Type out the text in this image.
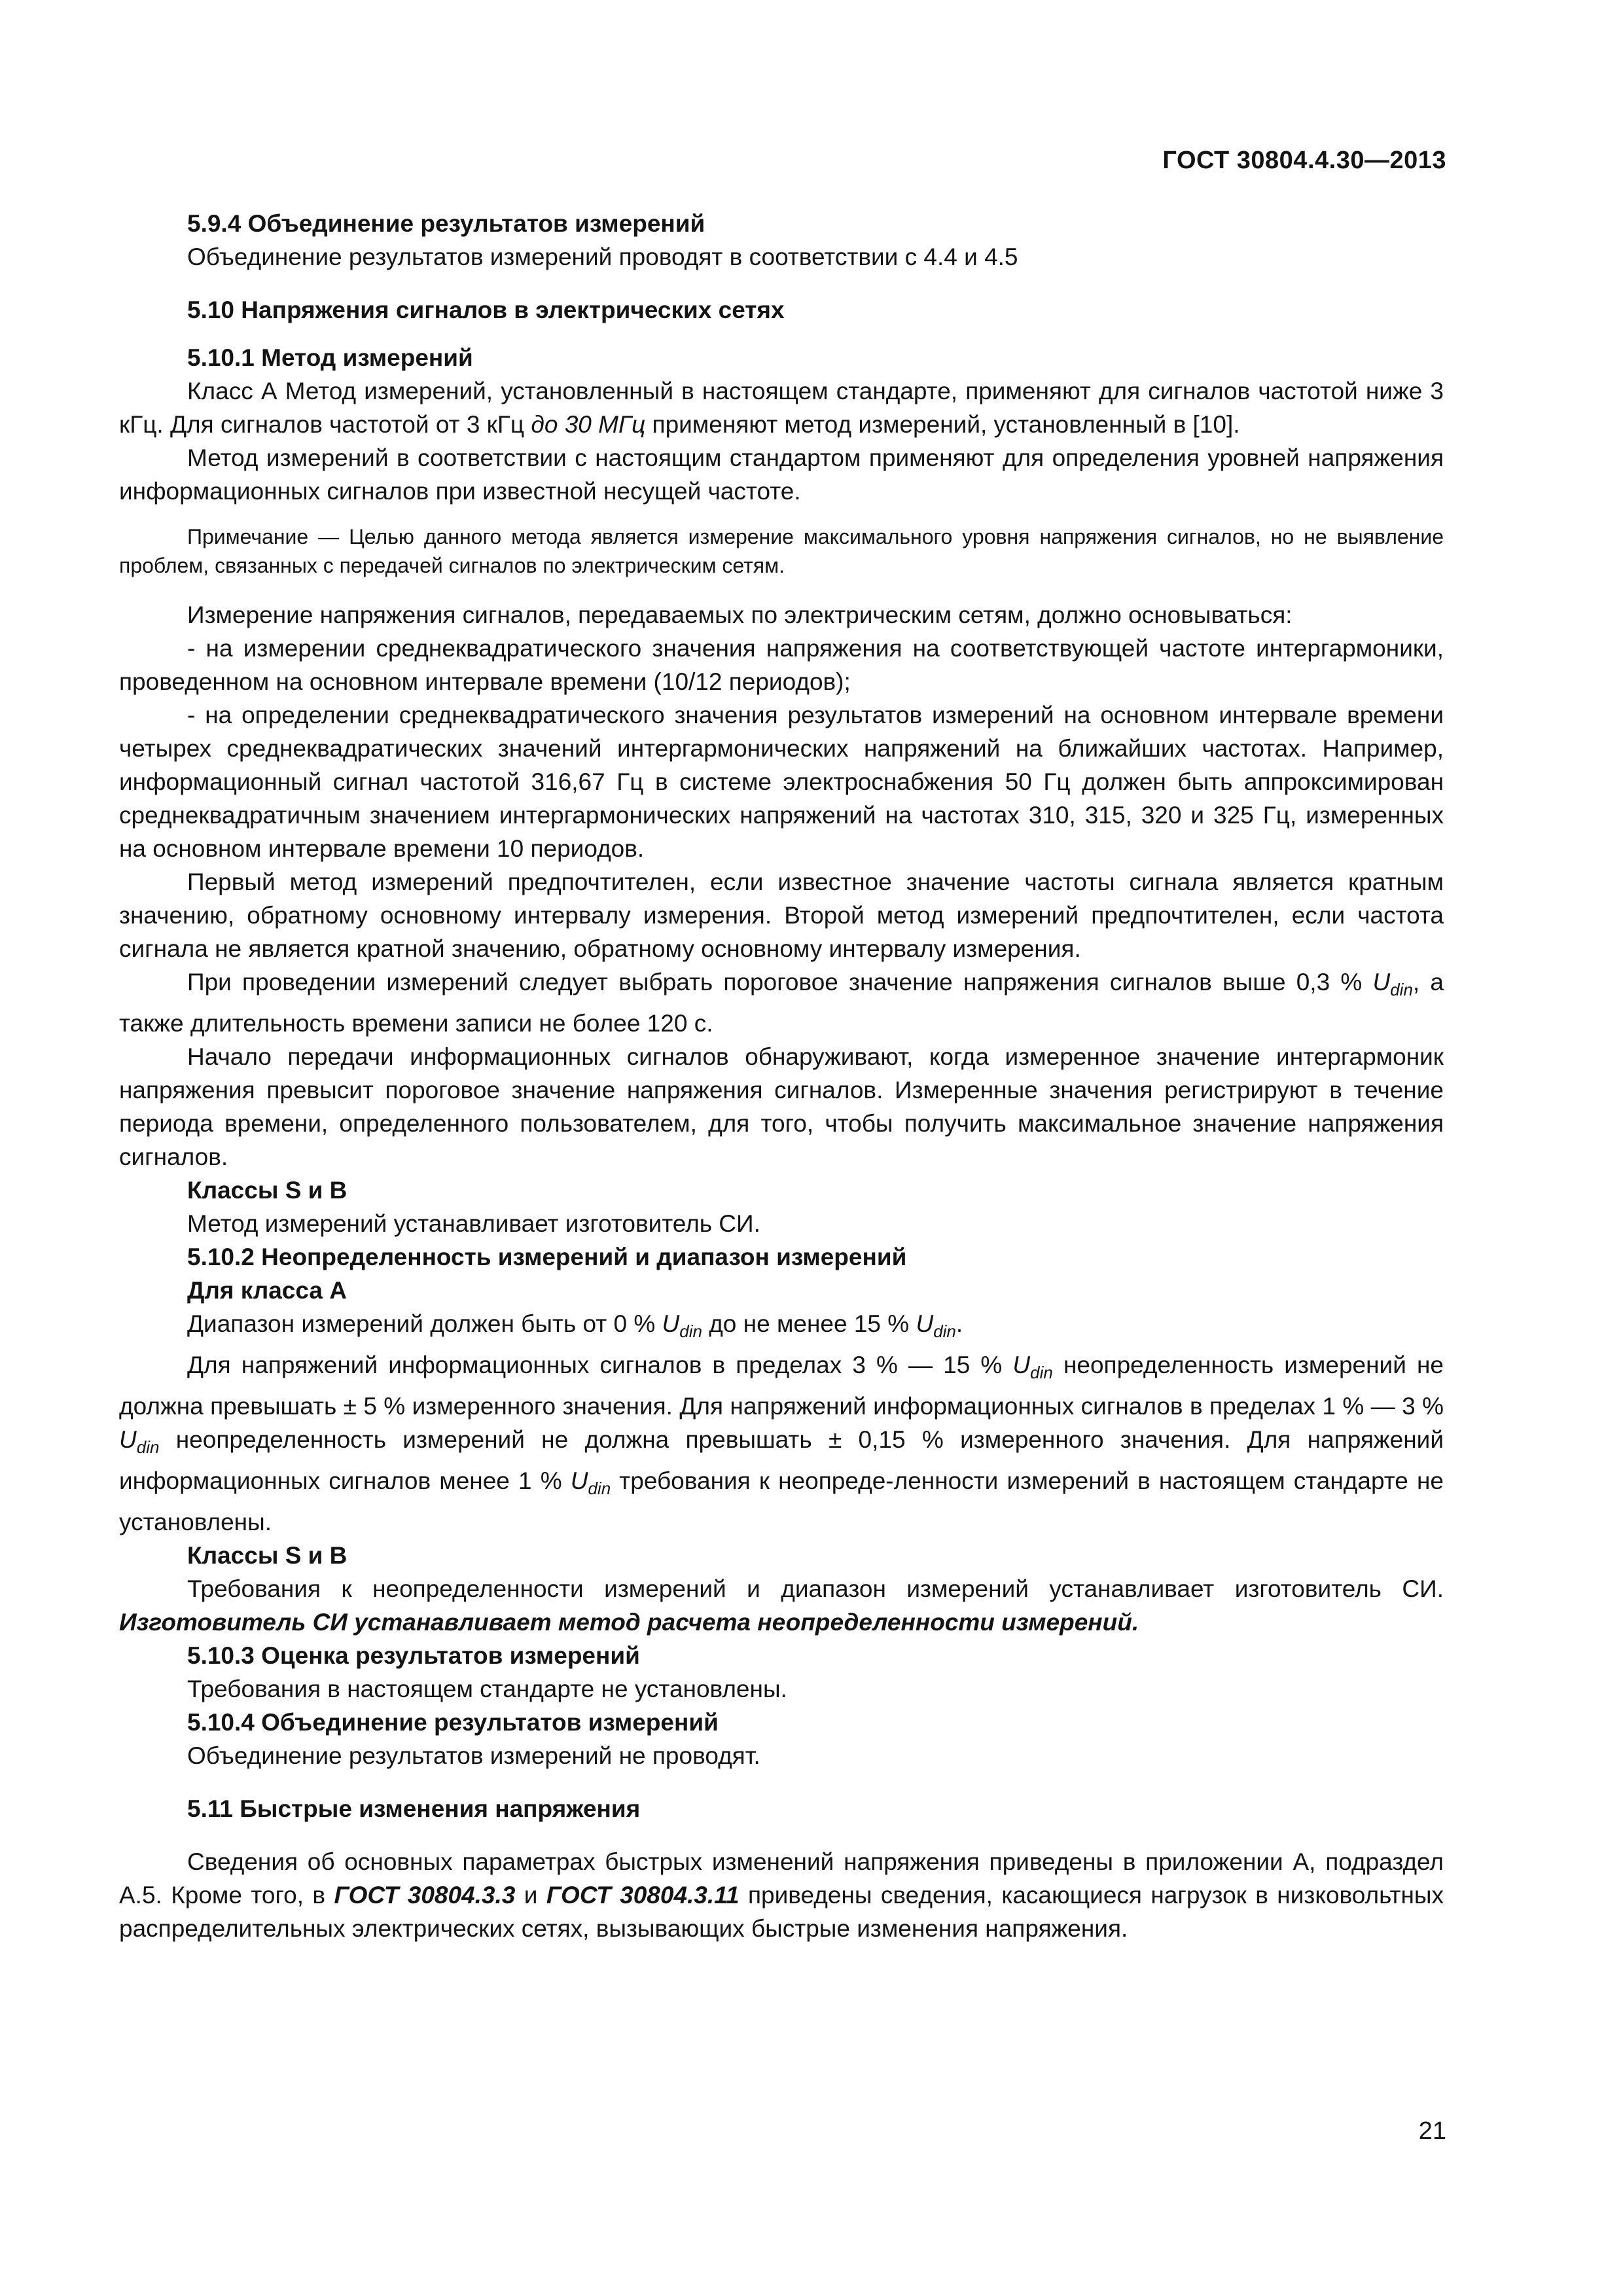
ГОСТ 30804.4.30—2013

5.9.4 Объединение результатов измерений

Объединение результатов измерений проводят в соответствии с 4.4 и 4.5

5.10 Напряжения сигналов в электрических сетях

5.10.1 Метод измерений

Класс А Метод измерений, установленный в настоящем стандарте, применяют для сигналов частотой ниже 3 кГц. Для сигналов частотой от 3 кГц до 30 МГц применяют метод измерений, установленный в [10].

Метод измерений в соответствии с настоящим стандартом применяют для определения уровней напряжения информационных сигналов при известной несущей частоте.

Примечание — Целью данного метода является измерение максимального уровня напряжения сигналов, но не выявление проблем, связанных с передачей сигналов по электрическим сетям.

Измерение напряжения сигналов, передаваемых по электрическим сетям, должно основываться:

- на измерении среднеквадратического значения напряжения на соответствующей частоте интергармоники, проведенном на основном интервале времени (10/12 периодов);

- на определении среднеквадратического значения результатов измерений на основном интервале времени четырех среднеквадратических значений интергармонических напряжений на ближайших частотах. Например, информационный сигнал частотой 316,67 Гц в системе электроснабжения 50 Гц должен быть аппроксимирован среднеквадратичным значением интергармонических напряжений на частотах 310, 315, 320 и 325 Гц, измеренных на основном интервале времени 10 периодов.

Первый метод измерений предпочтителен, если известное значение частоты сигнала является кратным значению, обратному основному интервалу измерения. Второй метод измерений предпочтителен, если частота сигнала не является кратной значению, обратному основному интервалу измерения.

При проведении измерений следует выбрать пороговое значение напряжения сигналов выше 0,3 % $U_{din}$, а также длительность времени записи не более 120 с.

Начало передачи информационных сигналов обнаруживают, когда измеренное значение интергармоник напряжения превысит пороговое значение напряжения сигналов. Измеренные значения регистрируют в течение периода времени, определенного пользователем, для того, чтобы получить максимальное значение напряжения сигналов.

Классы S и В

Метод измерений устанавливает изготовитель СИ.

5.10.2 Неопределенность измерений и диапазон измерений

Для класса А

Диапазон измерений должен быть от 0 % $U_{din}$ до не менее 15 % $U_{din}$.

Для напряжений информационных сигналов в пределах 3 % — 15 % $U_{din}$ неопределенность измерений не должна превышать ± 5 % измеренного значения. Для напряжений информационных сигналов в пределах 1 % — 3 % $U_{din}$ неопределенность измерений не должна превышать ± 0,15 % измеренного значения. Для напряжений информационных сигналов менее 1 % $U_{din}$ требования к неопреде-ленности измерений в настоящем стандарте не установлены.

Классы S и В

Требования к неопределенности измерений и диапазон измерений устанавливает изготовитель СИ. Изготовитель СИ устанавливает метод расчета неопределенности измерений.

5.10.3 Оценка результатов измерений

Требования в настоящем стандарте не установлены.

5.10.4 Объединение результатов измерений

Объединение результатов измерений не проводят.

5.11 Быстрые изменения напряжения

Сведения об основных параметрах быстрых изменений напряжения приведены в приложении А, подраздел А.5. Кроме того, в ГОСТ 30804.3.3 и ГОСТ 30804.3.11 приведены сведения, касающиеся нагрузок в низковольтных распределительных электрических сетях, вызывающих быстрые изменения напряжения.

21
